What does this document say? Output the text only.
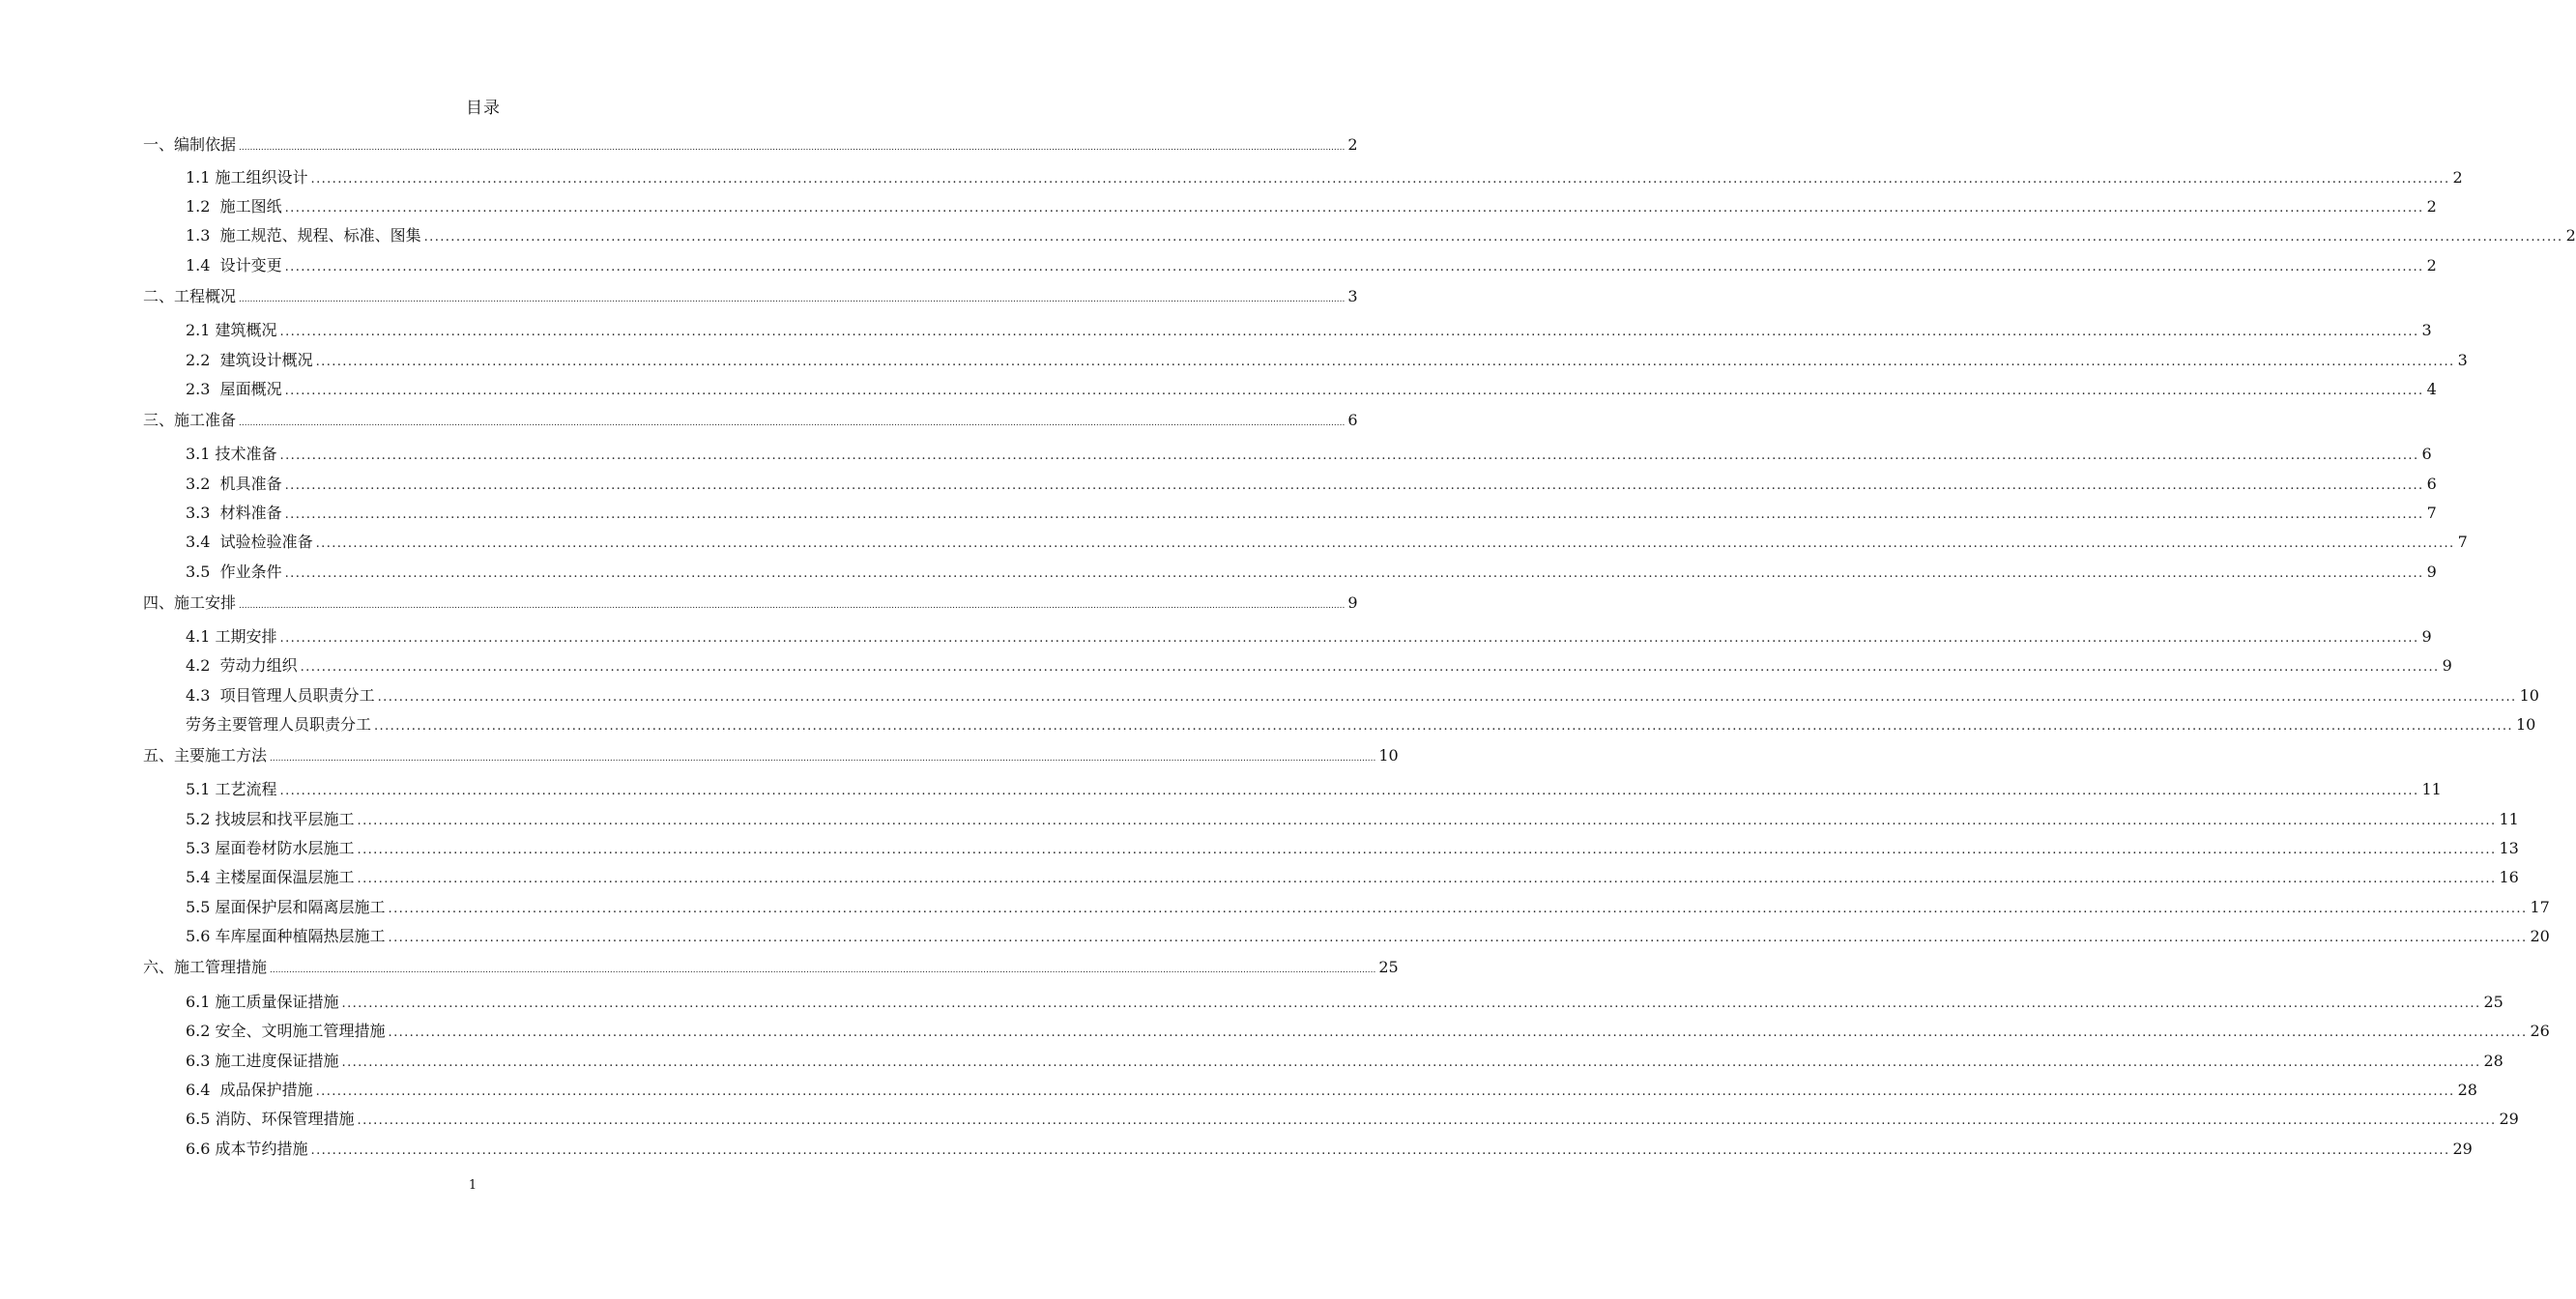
目录
一、编制依据 ................................................................................................................................................................................................................................................................................................................................................................................................................ 2
1.1 施工组织设计 ................................................................................................................................................................................................................................................................................................................................................................................................................ 2
1.2  施工图纸 ................................................................................................................................................................................................................................................................................................................................................................................................................ 2
1.3  施工规范、规程、标准、图集 ................................................................................................................................................................................................................................................................................................................................................................................................................ 2
1.4  设计变更 ................................................................................................................................................................................................................................................................................................................................................................................................................ 2
二、工程概况 ................................................................................................................................................................................................................................................................................................................................................................................................................ 3
2.1 建筑概况 ................................................................................................................................................................................................................................................................................................................................................................................................................ 3
2.2  建筑设计概况 ................................................................................................................................................................................................................................................................................................................................................................................................................ 3
2.3  屋面概况 ................................................................................................................................................................................................................................................................................................................................................................................................................ 4
三、施工准备 ................................................................................................................................................................................................................................................................................................................................................................................................................ 6
3.1 技术准备 ................................................................................................................................................................................................................................................................................................................................................................................................................ 6
3.2  机具准备 ................................................................................................................................................................................................................................................................................................................................................................................................................ 6
3.3  材料准备 ................................................................................................................................................................................................................................................................................................................................................................................................................ 7
3.4  试验检验准备 ................................................................................................................................................................................................................................................................................................................................................................................................................ 7
3.5  作业条件 ................................................................................................................................................................................................................................................................................................................................................................................................................ 9
四、施工安排 ................................................................................................................................................................................................................................................................................................................................................................................................................ 9
4.1 工期安排 ................................................................................................................................................................................................................................................................................................................................................................................................................ 9
4.2  劳动力组织 ................................................................................................................................................................................................................................................................................................................................................................................................................ 9
4.3  项目管理人员职责分工 ................................................................................................................................................................................................................................................................................................................................................................................................................ 10
劳务主要管理人员职责分工 ................................................................................................................................................................................................................................................................................................................................................................................................................ 10
五、主要施工方法 ................................................................................................................................................................................................................................................................................................................................................................................................................ 10
5.1 工艺流程 ................................................................................................................................................................................................................................................................................................................................................................................................................ 11
5.2 找坡层和找平层施工 ................................................................................................................................................................................................................................................................................................................................................................................................................ 11
5.3 屋面卷材防水层施工 ................................................................................................................................................................................................................................................................................................................................................................................................................ 13
5.4 主楼屋面保温层施工 ................................................................................................................................................................................................................................................................................................................................................................................................................ 16
5.5 屋面保护层和隔离层施工 ................................................................................................................................................................................................................................................................................................................................................................................................................ 17
5.6 车库屋面种植隔热层施工 ................................................................................................................................................................................................................................................................................................................................................................................................................ 20
六、施工管理措施 ................................................................................................................................................................................................................................................................................................................................................................................................................ 25
6.1 施工质量保证措施 ................................................................................................................................................................................................................................................................................................................................................................................................................ 25
6.2 安全、文明施工管理措施 ................................................................................................................................................................................................................................................................................................................................................................................................................ 26
6.3 施工进度保证措施 ................................................................................................................................................................................................................................................................................................................................................................................................................ 28
6.4  成品保护措施 ................................................................................................................................................................................................................................................................................................................................................................................................................ 28
6.5 消防、环保管理措施 ................................................................................................................................................................................................................................................................................................................................................................................................................ 29
6.6 成本节约措施 ................................................................................................................................................................................................................................................................................................................................................................................................................ 29
1
